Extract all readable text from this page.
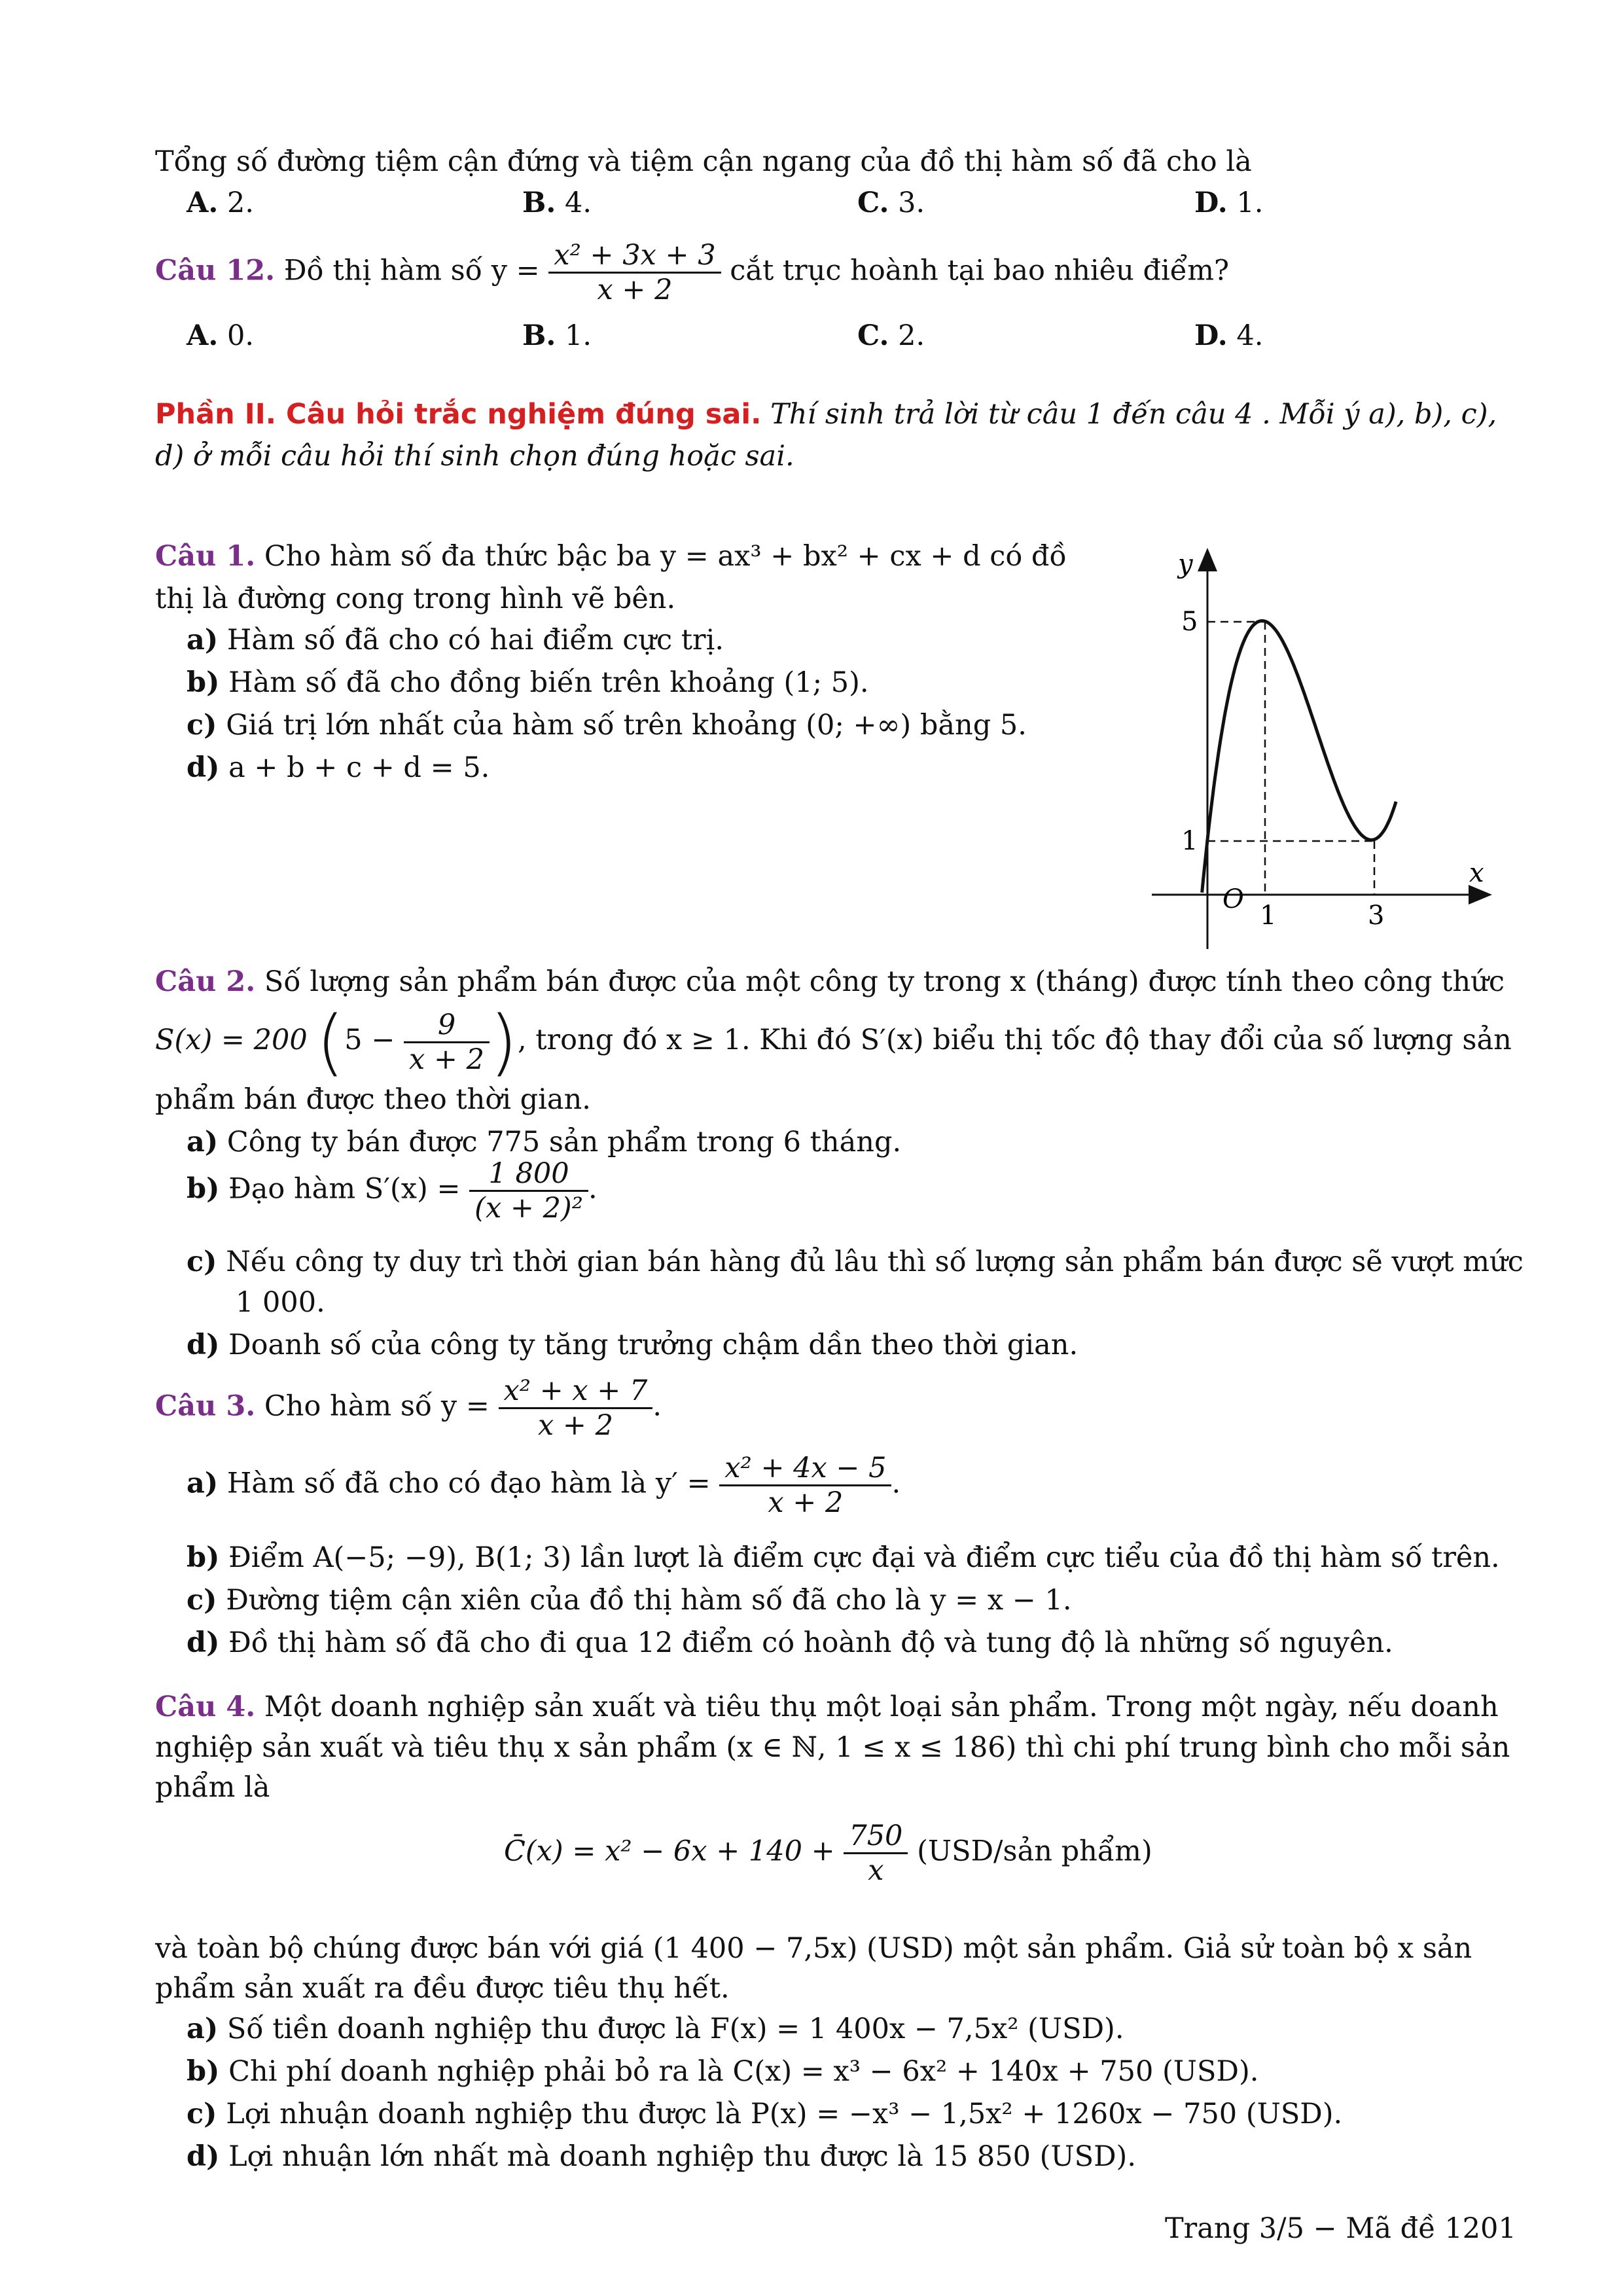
Tổng số đường tiệm cận đứng và tiệm cận ngang của đồ thị hàm số đã cho là
A. 2.	B. 4.	C. 3.	D. 1.
Câu 12. Đồ thị hàm số $y = \frac{\text{x² + 3x + 3}}{x + 2}$ cắt trục hoành tại bao nhiêu điểm?
A. 0.	B. 1.	C. 2.	D. 4.
Phần II. Câu hỏi trắc nghiệm đúng sai. Thí sinh trả lời từ câu 1 đến câu 4 . Mỗi ý a), b), c),
d) ở mỗi câu hỏi thí sinh chọn đúng hoặc sai.
Câu 1. Cho hàm số đa thức bậc ba y = ax³ + bx² + cx + d có đồ
thị là đường cong trong hình vẽ bên.
a) Hàm số đã cho có hai điểm cực trị.
b) Hàm số đã cho đồng biến trên khoảng (1; 5).
c) Giá trị lớn nhất của hàm số trên khoảng (0; +∞) bằng 5.
d) a + b + c + d = 5.
O
1	3
1
5
x
y
Câu 2. Số lượng sản phẩm bán được của một công ty trong x (tháng) được tính theo công thức
S(x) = 200 ($5 - \frac{9}{x + 2}$ ), trong đó x ≥ 1. Khi đó S′(x) biểu thị tốc độ thay đổi của số lượng sản
phẩm bán được theo thời gian.
a) Công ty bán được 775 sản phẩm trong 6 tháng.
b) Đạo hàm $S'(x) = \frac{1 800}{\text{(x + 2)²}}$ .
c) Nếu công ty duy trì thời gian bán hàng đủ lâu thì số lượng sản phẩm bán được sẽ vượt mức
1 000.
d) Doanh số của công ty tăng trưởng chậm dần theo thời gian.
Câu 3. Cho hàm số $y = \frac{\text{x² + x + 7}}{x + 2}$ .
a) Hàm số đã cho có đạo hàm là $y' = \frac{\text{x² + 4x − 5}}{x + 2}$ .
b) Điểm A(−5; −9), B(1; 3) lần lượt là điểm cực đại và điểm cực tiểu của đồ thị hàm số trên.
c) Đường tiệm cận xiên của đồ thị hàm số đã cho là y = x − 1.
d) Đồ thị hàm số đã cho đi qua 12 điểm có hoành độ và tung độ là những số nguyên.
Câu 4. Một doanh nghiệp sản xuất và tiêu thụ một loại sản phẩm. Trong một ngày, nếu doanh
nghiệp sản xuất và tiêu thụ x sản phẩm (x ∈ ℕ, 1 ≤ x ≤ 186) thì chi phí trung bình cho mỗi sản
phẩm là
C̄(x) = $x^2 - 6x + 140 + \frac{750}{x}$ (USD/sản phẩm)
và toàn bộ chúng được bán với giá (1 400 − 7,5x) (USD) một sản phẩm. Giả sử toàn bộ x sản
phẩm sản xuất ra đều được tiêu thụ hết.
a) Số tiền doanh nghiệp thu được là F(x) = 1 400x − 7,5x² (USD).
b) Chi phí doanh nghiệp phải bỏ ra là C(x) = x³ − 6x² + 140x + 750 (USD).
c) Lợi nhuận doanh nghiệp thu được là P(x) = −x³ − 1,5x² + 1260x − 750 (USD).
d) Lợi nhuận lớn nhất mà doanh nghiệp thu được là 15 850 (USD).
Trang 3/5 − Mã đề 1201
